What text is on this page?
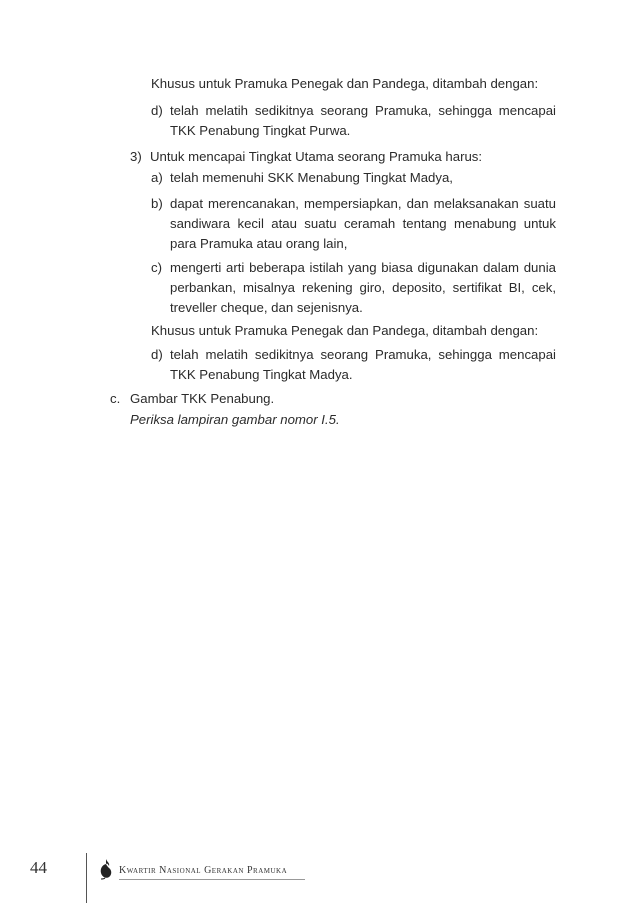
Khusus untuk Pramuka Penegak dan Pandega, ditambah dengan:
d) telah melatih sedikitnya seorang Pramuka, sehingga mencapai
TKK Penabung Tingkat Purwa.
3) Untuk mencapai Tingkat Utama seorang Pramuka harus:
a) telah memenuhi SKK Menabung Tingkat Madya,
b) dapat merencanakan, mempersiapkan, dan melaksanakan suatu
sandiwara kecil atau suatu ceramah tentang menabung untuk
para Pramuka atau orang lain,
c) mengerti arti beberapa istilah yang biasa digunakan dalam dunia
perbankan, misalnya rekening giro, deposito, sertifikat BI, cek,
treveller cheque, dan sejenisnya.
Khusus untuk Pramuka Penegak dan Pandega, ditambah dengan:
d) telah melatih sedikitnya seorang Pramuka, sehingga mencapai
TKK Penabung Tingkat Madya.
c. Gambar TKK Penabung.
Periksa lampiran gambar nomor I.5.
44	Kwartir Nasional Gerakan Pramuka
